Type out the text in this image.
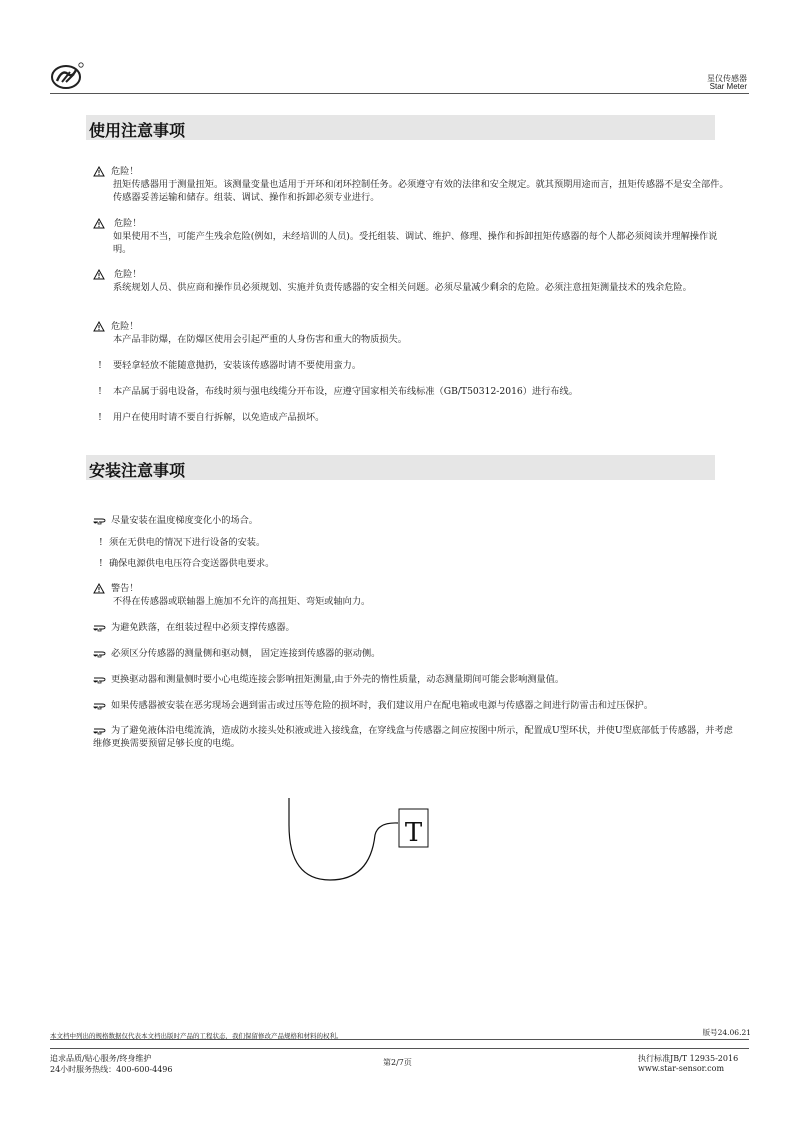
星仪传感器
Star Meter
使用注意事项
危险！
扭矩传感器用于测量扭矩。该测量变量也适用于开环和闭环控制任务。必须遵守有效的法律和安全规定。就其预期用途而言，扭矩传感器不是安全部件。传感器妥善运输和储存。组装、调试、操作和拆卸必须专业进行。
危险！
如果使用不当，可能产生残余危险(例如，未经培训的人员)。受托组装、调试、维护、修理、操作和拆卸扭矩传感器的每个人都必须阅读并理解操作说明。
危险！
系统规划人员、供应商和操作员必须规划、实施并负责传感器的安全相关问题。必须尽量减少剩余的危险。必须注意扭矩测量技术的残余危险。
危险！
本产品非防爆，在防爆区使用会引起严重的人身伤害和重大的物质损失。
!	要轻拿轻放不能随意抛扔，安装该传感器时请不要使用蛮力。
!	本产品属于弱电设备，布线时须与强电线缆分开布设，应遵守国家相关布线标准（GB/T50312-2016）进行布线。
!	用户在使用时请不要自行拆解，以免造成产品损坏。
安装注意事项
尽量安装在温度梯度变化小的场合。
! 须在无供电的情况下进行设备的安装。
! 确保电源供电电压符合变送器供电要求。
警告！
不得在传感器或联轴器上施加不允许的高扭矩、弯矩或轴向力。
为避免跌落，在组装过程中必须支撑传感器。
必须区分传感器的测量侧和驱动侧， 固定连接到传感器的驱动侧。
更换驱动器和测量侧时要小心电缆连接会影响扭矩测量,由于外壳的惰性质量，动态测量期间可能会影响测量值。
如果传感器被安装在恶劣现场会遇到雷击或过压等危险的损坏时，我们建议用户在配电箱或电源与传感器之间进行防雷击和过压保护。
为了避免液体沿电缆流淌，造成防水接头处积液或进入接线盒，在穿线盒与传感器之间应按图中所示，配置成U型环状，并使U型底部低于传感器，并考虑维修更换需要预留足够长度的电缆。
T
版号24.06.21
本文档中列出的规格数据仅代表本文档出版时产品的工程状态，我们保留修改产品规格和材料的权利。
追求品质/贴心服务/终身维护
24小时服务热线：400-600-4496
第2/7页	执行标准JB/T 12935-2016
www.star-sensor.com
